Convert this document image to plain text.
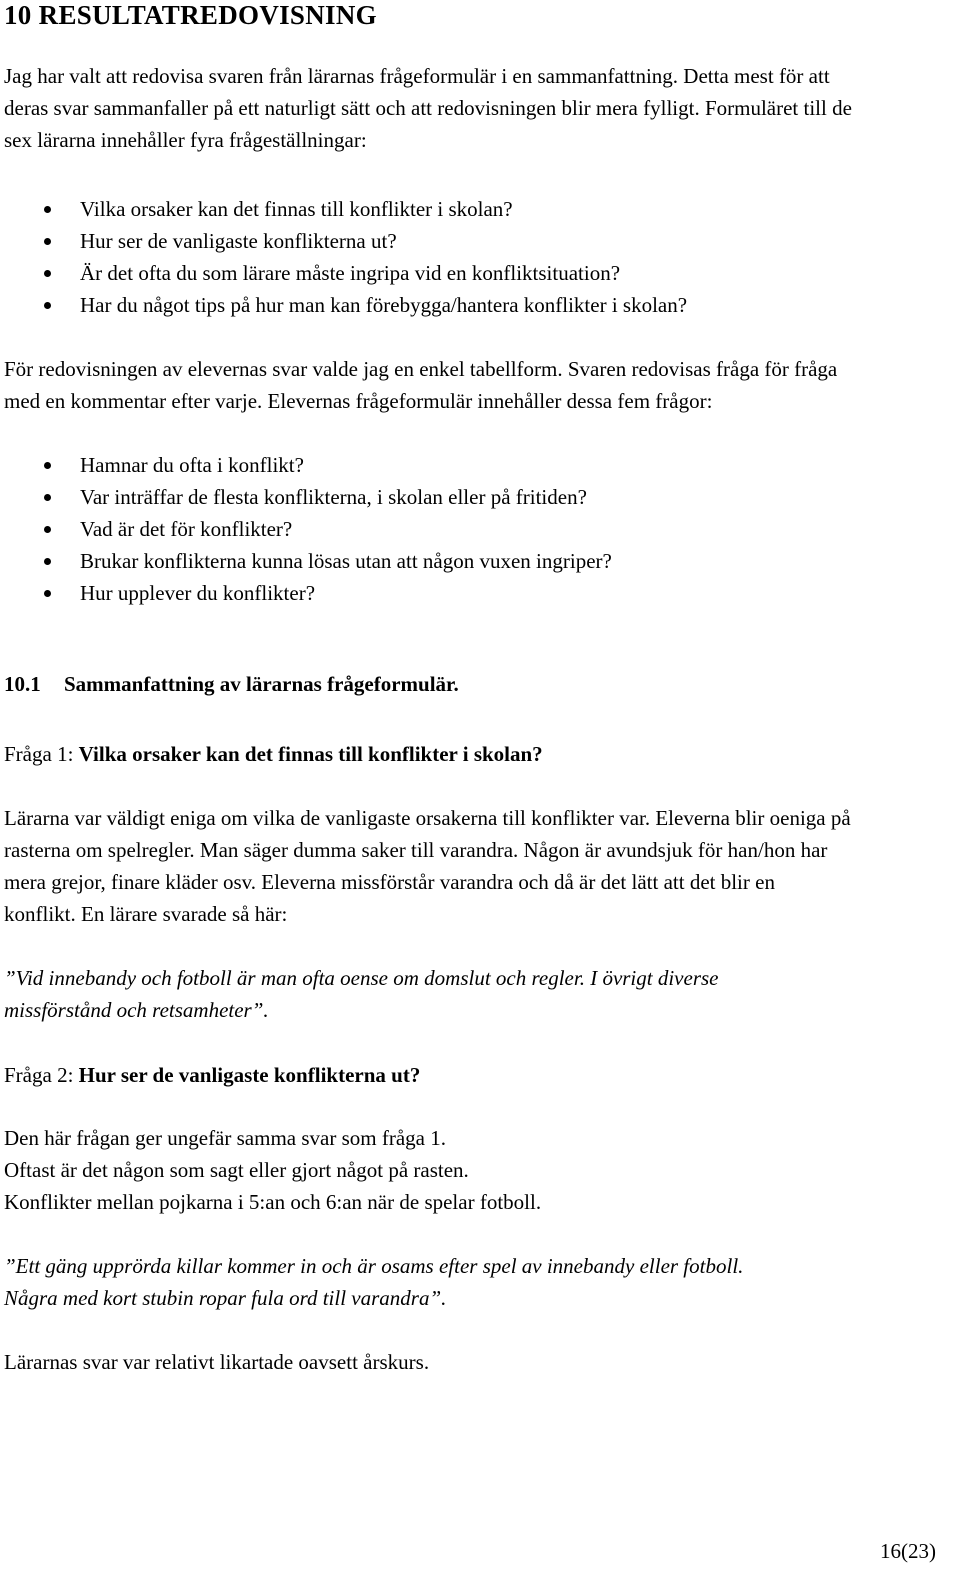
10 RESULTATREDOVISNING

Jag har valt att redovisa svaren från lärarnas frågeformulär i en sammanfattning. Detta mest för att

deras svar sammanfaller på ett naturligt sätt och att redovisningen blir mera fylligt. Formuläret till de

sex lärarna innehåller fyra frågeställningar:

Vilka orsaker kan det finnas till konflikter i skolan?
Hur ser de vanligaste konflikterna ut?
Är det ofta du som lärare måste ingripa vid en konfliktsituation?
Har du något tips på hur man kan förebygga/hantera konflikter i skolan?

För redovisningen av elevernas svar valde jag en enkel tabellform. Svaren redovisas fråga för fråga

med en kommentar efter varje. Elevernas frågeformulär innehåller dessa fem frågor:

Hamnar du ofta i konflikt?
Var inträffar de flesta konflikterna, i skolan eller på fritiden?
Vad är det för konflikter?
Brukar konflikterna kunna lösas utan att någon vuxen ingriper?
Hur upplever du konflikter?
10.1 Sammanfattning av lärarnas frågeformulär.

Fråga 1: Vilka orsaker kan det finnas till konflikter i skolan?

Lärarna var väldigt eniga om vilka de vanligaste orsakerna till konflikter var. Eleverna blir oeniga på

rasterna om spelregler. Man säger dumma saker till varandra. Någon är avundsjuk för han/hon har

mera grejor, finare kläder osv. Eleverna missförstår varandra och då är det lätt att det blir en

konflikt. En lärare svarade så här:

”Vid innebandy och fotboll är man ofta oense om domslut och regler. I övrigt diverse

missförstånd och retsamheter”.

Fråga 2: Hur ser de vanligaste konflikterna ut?

Den här frågan ger ungefär samma svar som fråga 1.

Oftast är det någon som sagt eller gjort något på rasten.

Konflikter mellan pojkarna i 5:an och 6:an när de spelar fotboll.

”Ett gäng upprörda killar kommer in och är osams efter spel av innebandy eller fotboll.

Några med kort stubin ropar fula ord till varandra”.

Lärarnas svar var relativt likartade oavsett årskurs.

16(23)
